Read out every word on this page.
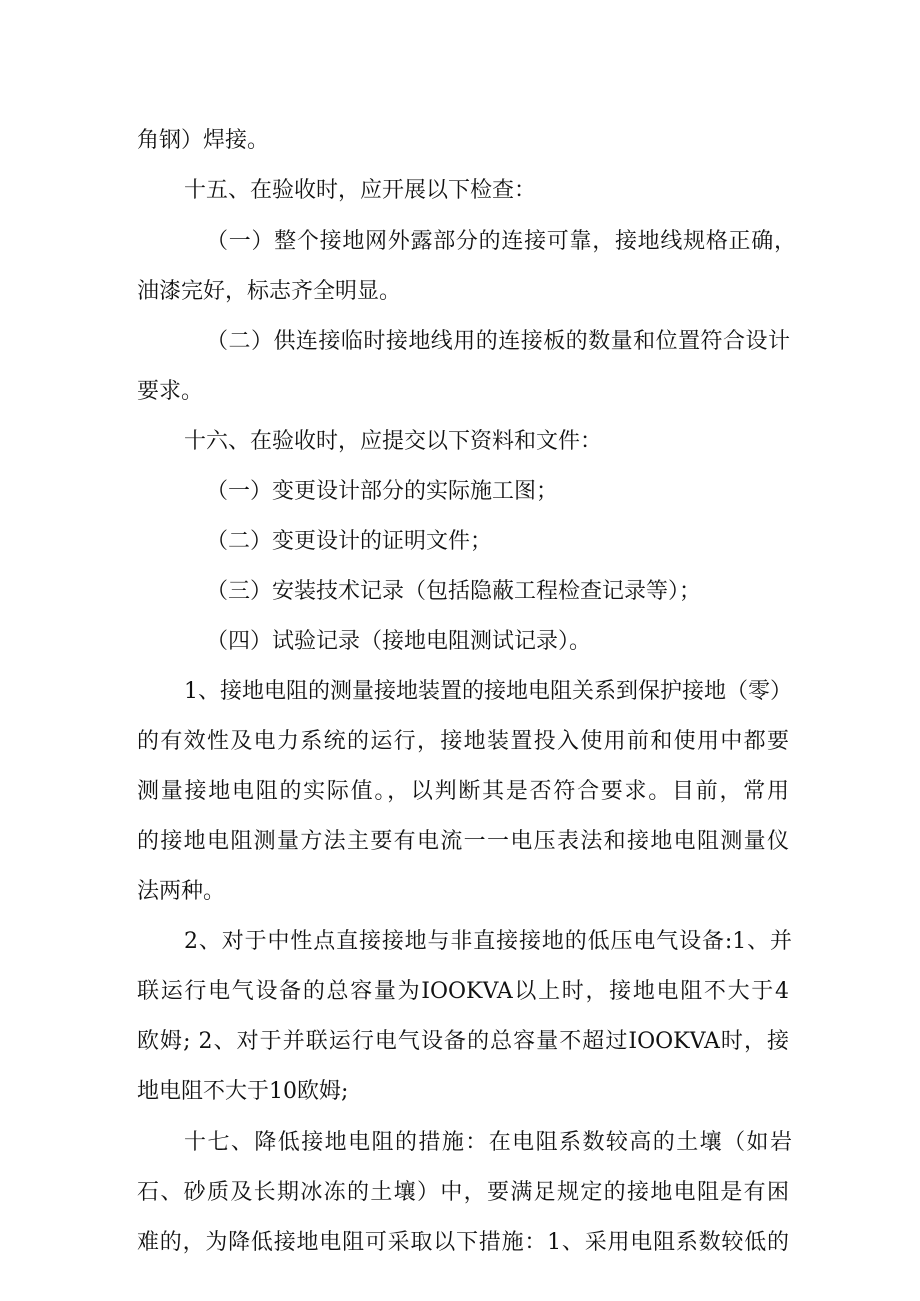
角钢）焊接。
十五、在验收时，应开展以下检查：
（一）整个接地网外露部分的连接可靠，接地线规格正确，
油漆完好，标志齐全明显。
（二）供连接临时接地线用的连接板的数量和位置符合设计
要求。
十六、在验收时，应提交以下资料和文件：
（一）变更设计部分的实际施工图；
（二）变更设计的证明文件；
（三）安装技术记录（包括隐蔽工程检查记录等）；
（四）试验记录（接地电阻测试记录）。
1、接地电阻的测量接地装置的接地电阻关系到保护接地（零）
的有效性及电力系统的运行，接地装置投入使用前和使用中都要
测量接地电阻的实际值。，以判断其是否符合要求。目前，常用
的接地电阻测量方法主要有电流一一电压表法和接地电阻测量仪
法两种。
2、对于中性点直接接地与非直接接地的低压电气设备:1、并
联运行电气设备的总容量为IOOKVA以上时，接地电阻不大于4
欧姆; 2、对于并联运行电气设备的总容量不超过IOOKVA时，接
地电阻不大于10欧姆;
十七、降低接地电阻的措施：在电阻系数较高的土壤（如岩
石、砂质及长期冰冻的土壤）中，要满足规定的接地电阻是有困
难的，为降低接地电阻可采取以下措施：1、采用电阻系数较低的
